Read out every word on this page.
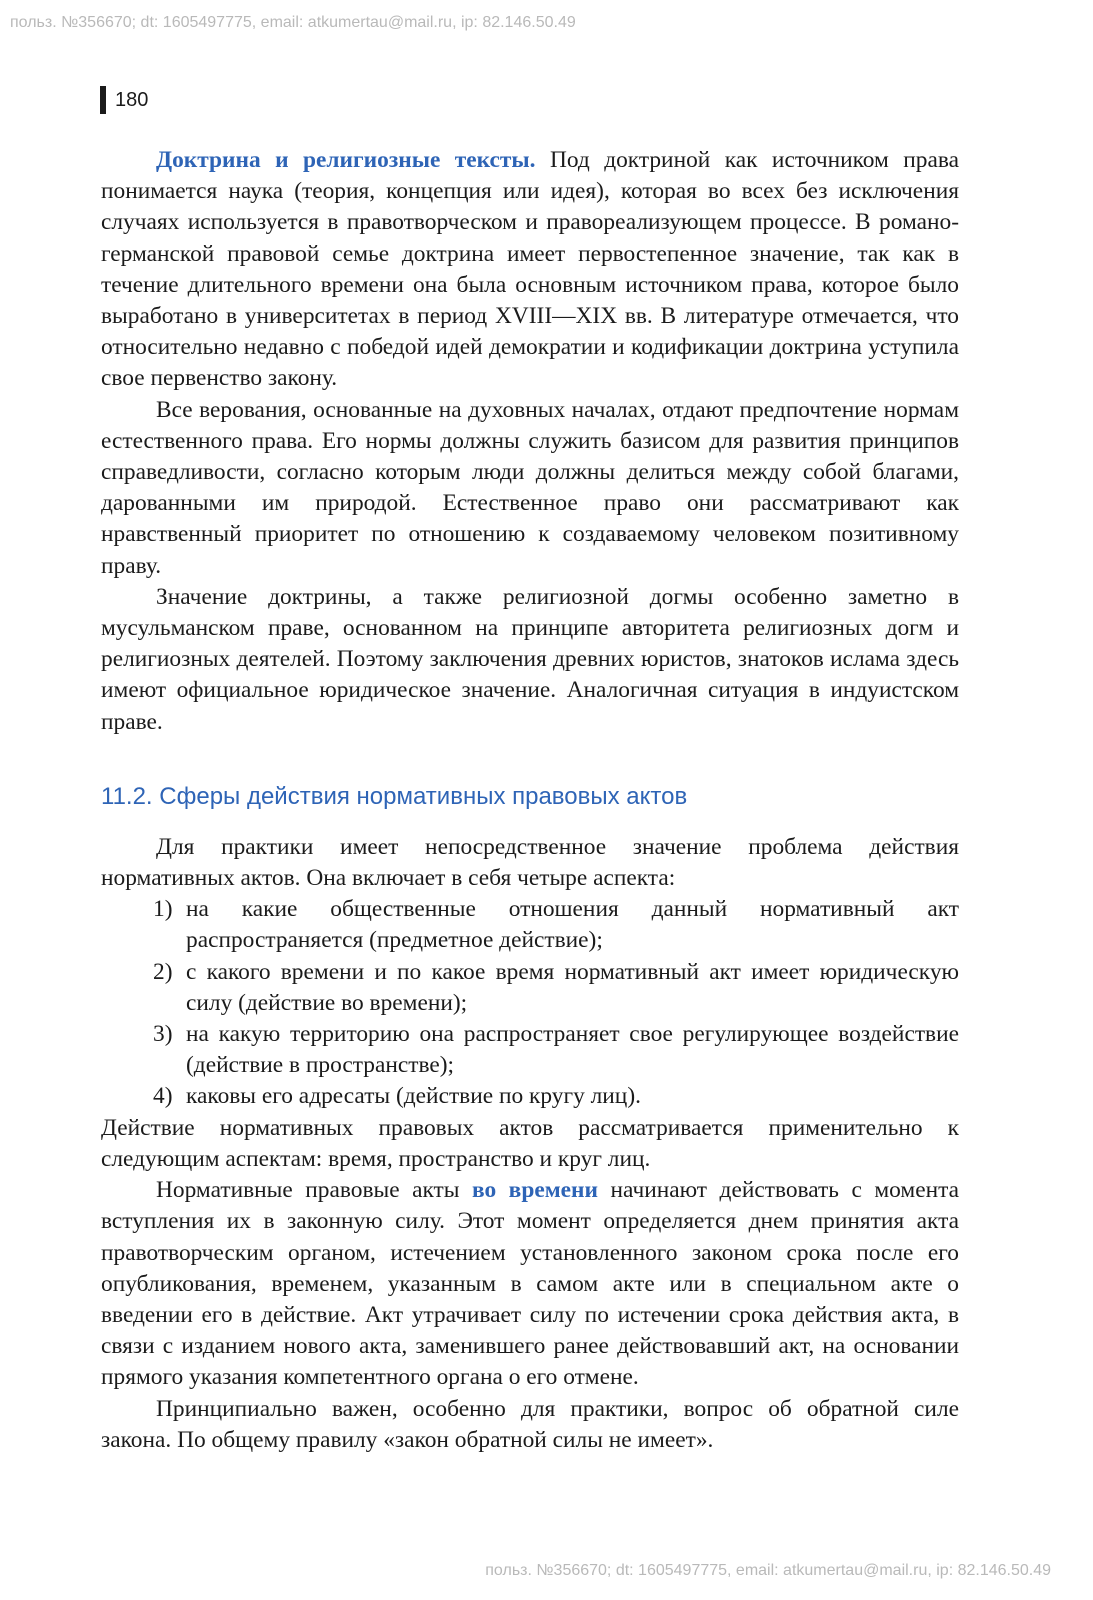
польз. №356670; dt: 1605497775, email: atkumertau@mail.ru, ip: 82.146.50.49
180

Доктрина и религиозные тексты. Под доктриной как источником права понимается наука (теория, концепция или идея), которая во всех без исключения случаях используется в правотворческом и правореализующем процессе. В романо-германской правовой семье доктрина имеет первостепенное значение, так как в течение длительного времени она была основным источником права, которое было выработано в университетах в период XVIII—XIX вв. В литературе отмечается, что относительно недавно с победой идей демократии и кодификации доктрина уступила свое первенство закону.

Все верования, основанные на духовных началах, отдают предпочтение нормам естественного права. Его нормы должны служить базисом для развития принципов справедливости, согласно которым люди должны делиться между собой благами, дарованными им природой. Естественное право они рассматривают как нравственный приоритет по отношению к создаваемому человеком позитивному праву.

Значение доктрины, а также религиозной догмы особенно заметно в мусульманском праве, основанном на принципе авторитета религиозных догм и религиозных деятелей. Поэтому заключения древних юристов, знатоков ислама здесь имеют официальное юридическое значение. Аналогичная ситуация в индуистском праве.

11.2. Сферы действия нормативных правовых актов

Для практики имеет непосредственное значение проблема действия нормативных актов. Она включает в себя четыре аспекта:

1) на какие общественные отношения данный нормативный акт распространяется (предметное действие);
2) с какого времени и по какое время нормативный акт имеет юридическую силу (действие во времени);
3) на какую территорию она распространяет свое регулирующее воздействие (действие в пространстве);
4) каковы его адресаты (действие по кругу лиц).

Действие нормативных правовых актов рассматривается применительно к следующим аспектам: время, пространство и круг лиц.

Нормативные правовые акты во времени начинают действовать с момента вступления их в законную силу. Этот момент определяется днем принятия акта правотворческим органом, истечением установленного законом срока после его опубликования, временем, указанным в самом акте или в специальном акте о введении его в действие. Акт утрачивает силу по истечении срока действия акта, в связи с изданием нового акта, заменившего ранее действовавший акт, на основании прямого указания компетентного органа о его отмене.

Принципиально важен, особенно для практики, вопрос об обратной силе закона. По общему правилу «закон обратной силы не имеет».

польз. №356670; dt: 1605497775, email: atkumertau@mail.ru, ip: 82.146.50.49
